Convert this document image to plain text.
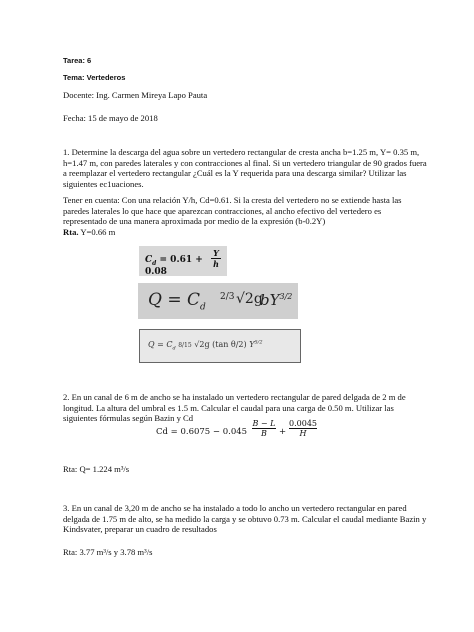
Tarea: 6
Tema: Vertederos
Docente: Ing. Carmen Mireya Lapo Pauta
Fecha: 15 de mayo de 2018

1. Determine la descarga del agua sobre un vertedero rectangular de cresta ancha b=1.25 m, Y= 0.35 m, h=1.47 m, con paredes laterales y con contracciones al final. Si un vertedero triangular de 90 grados fuera a reemplazar el vertedero rectangular ¿Cuál es la Y requerida para una descarga similar? Utilizar las siguientes ec1uaciones.

Tener en cuenta: Con una relación Y/h, Cd=0.61. Si la cresta del vertedero no se extiende hasta las paredes laterales lo que hace que aparezcan contracciones, al ancho efectivo del vertedero es representado de una manera aproximada por medio de la expresión (b-0.2Y)

Rta. Y=0.66 m
$C_d = 0.61 + 0.08$
Y
h
$Q = C_d$
2/3 √2g
$bY^{3/2}$
$Q = C_d$ 8/15 √2g (tan θ/2) $Y^{5/2}$

2. En un canal de 6 m de ancho se ha instalado un vertedero rectangular de pared delgada de 2 m de longitud. La altura del umbral es 1.5 m. Calcular el caudal para una carga de 0.50 m. Utilizar las siguientes fórmulas según Bazin y Cd

Cd = 0.6075 − 0.045
B − L
B	+
0.0045
H
Rta: Q= 1.224 m³/s

3. En un canal de 3,20 m de ancho se ha instalado a todo lo ancho un vertedero rectangular en pared delgada de 1.75 m de alto, se ha medido la carga y se obtuvo 0.73 m. Calcular el caudal mediante Bazin y Kindsvater, preparar un cuadro de resultados

Rta: 3.77 m³/s y 3.78 m³/s
